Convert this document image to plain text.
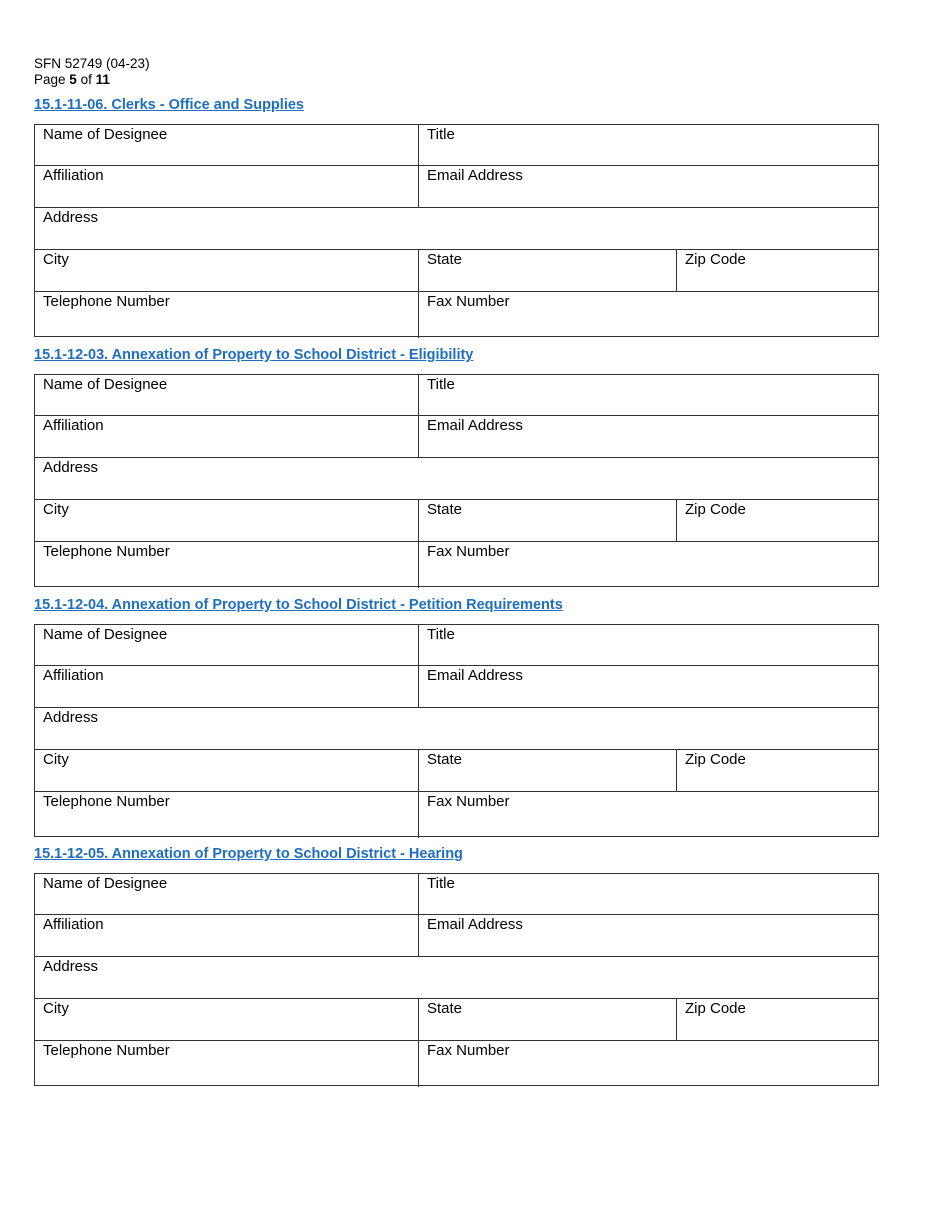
SFN 52749 (04-23)
Page 5 of 11
15.1-11-06. Clerks - Office and Supplies
Name of Designee	Title
Affiliation	Email Address
Address
City	State	Zip Code
Telephone Number	Fax Number
15.1-12-03. Annexation of Property to School District - Eligibility
Name of Designee	Title
Affiliation	Email Address
Address
City	State	Zip Code
Telephone Number	Fax Number
15.1-12-04. Annexation of Property to School District - Petition Requirements
Name of Designee	Title
Affiliation	Email Address
Address
City	State	Zip Code
Telephone Number	Fax Number
15.1-12-05. Annexation of Property to School District - Hearing
Name of Designee	Title
Affiliation	Email Address
Address
City	State	Zip Code
Telephone Number	Fax Number
